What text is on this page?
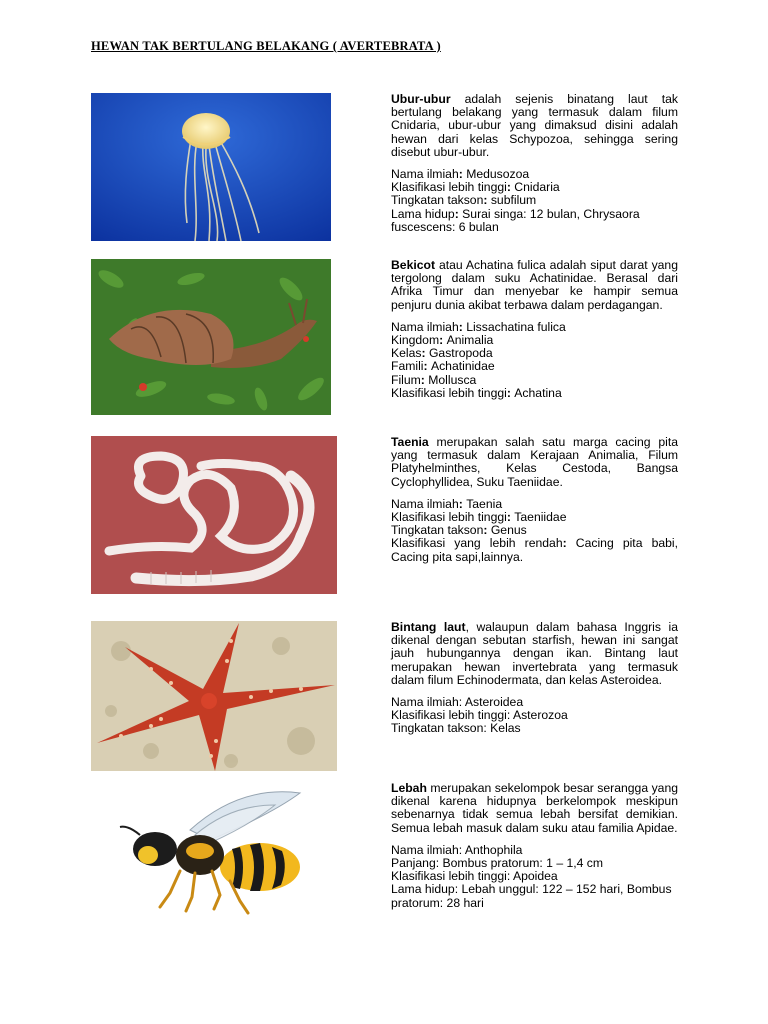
HEWAN TAK BERTULANG BELAKANG ( AVERTEBRATA )

Ubur-ubur adalah sejenis binatang laut tak bertulang belakang yang termasuk dalam filum Cnidaria, ubur-ubur yang dimaksud disini adalah hewan dari kelas Schypozoa, sehingga sering disebut ubur-ubur.

Nama ilmiah: Medusozoa
Klasifikasi lebih tinggi: Cnidaria
Tingkatan takson: subfilum
Lama hidup: Surai singa: 12 bulan, Chrysaora fuscescens: 6 bulan

Bekicot atau Achatina fulica adalah siput darat yang tergolong dalam suku Achatinidae. Berasal dari Afrika Timur dan menyebar ke hampir semua penjuru dunia akibat terbawa dalam perdagangan.

Nama ilmiah: Lissachatina fulica
Kingdom: Animalia
Kelas: Gastropoda
Famili: Achatinidae
Filum: Mollusca
Klasifikasi lebih tinggi: Achatina

Taenia merupakan salah satu marga cacing pita yang termasuk dalam Kerajaan Animalia, Filum Platyhelminthes, Kelas Cestoda, Bangsa Cyclophyllidea, Suku Taeniidae.

Nama ilmiah: Taenia
Klasifikasi lebih tinggi: Taeniidae
Tingkatan takson: Genus
Klasifikasi yang lebih rendah: Cacing pita babi, Cacing pita sapi,lainnya.

Bintang laut, walaupun dalam bahasa Inggris ia dikenal dengan sebutan starfish, hewan ini sangat jauh hubungannya dengan ikan. Bintang laut merupakan hewan invertebrata yang termasuk dalam filum Echinodermata, dan kelas Asteroidea.

Nama ilmiah: Asteroidea
Klasifikasi lebih tinggi: Asterozoa
Tingkatan takson: Kelas

Lebah merupakan sekelompok besar serangga yang dikenal karena hidupnya berkelompok meskipun sebenarnya tidak semua lebah bersifat demikian. Semua lebah masuk dalam suku atau familia Apidae.

Nama ilmiah: Anthophila
Panjang: Bombus pratorum: 1 – 1,4 cm
Klasifikasi lebih tinggi: Apoidea
Lama hidup: Lebah unggul: 122 – 152 hari, Bombus pratorum: 28 hari
